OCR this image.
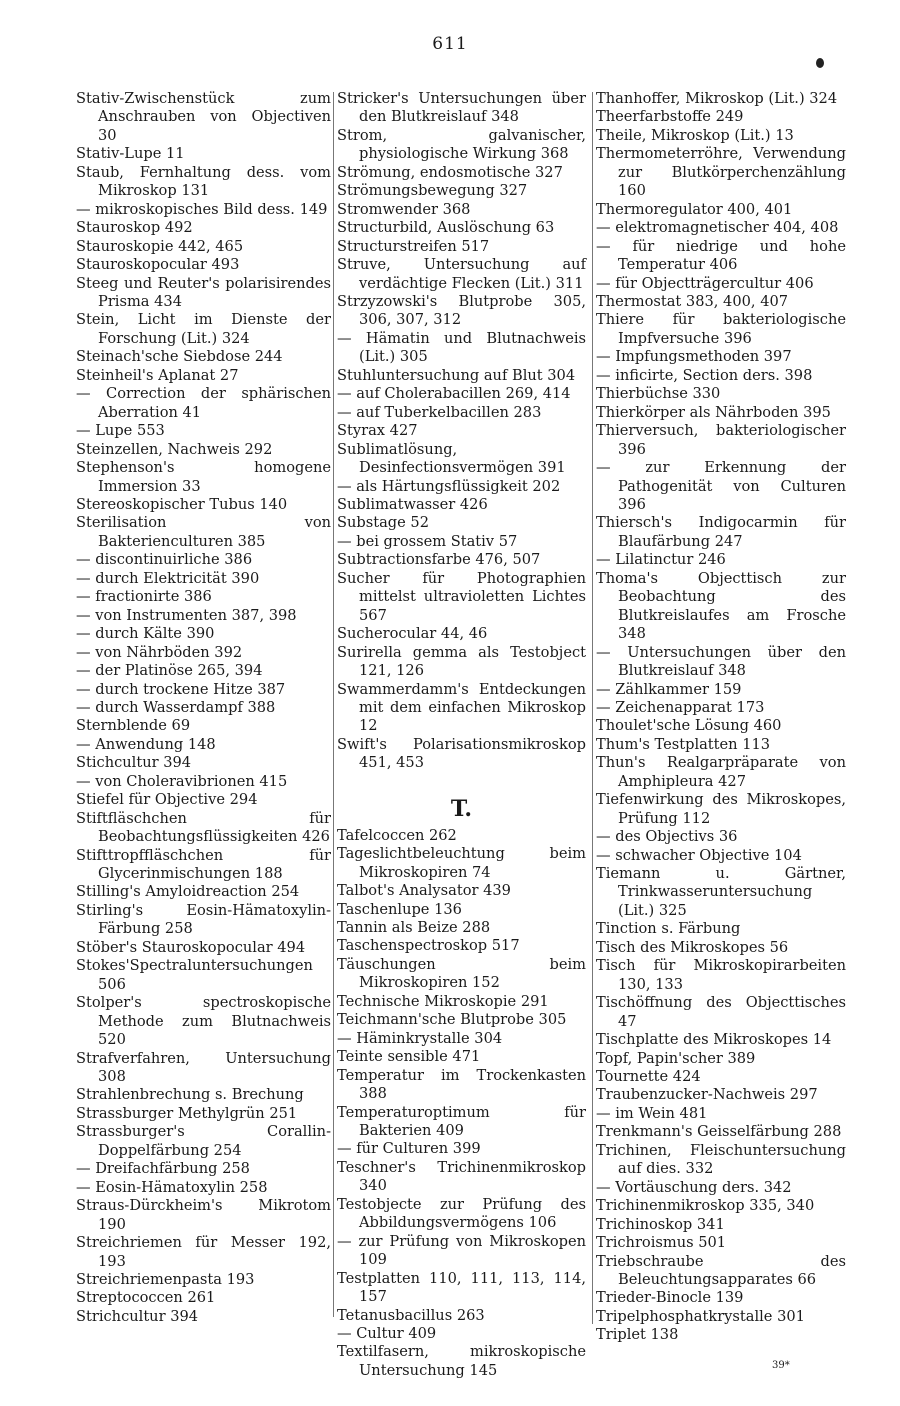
611

Stativ-Zwischenstück zum Anschrauben von Objectiven 30

Stativ-Lupe 11

Staub, Fernhaltung dess. vom Mikroskop 131

— mikroskopisches Bild dess. 149

Stauroskop 492

Stauroskopie 442, 465

Stauroskopocular 493

Steeg und Reuter's polarisirendes Prisma 434

Stein, Licht im Dienste der Forschung (Lit.) 324

Steinach'sche Siebdose 244

Steinheil's Aplanat 27

— Correction der sphärischen Aberration 41

— Lupe 553

Steinzellen, Nachweis 292

Stephenson's homogene Immersion 33

Stereoskopischer Tubus 140

Sterilisation von Bakterienculturen 385

— discontinuirliche 386

— durch Elektricität 390

— fractionirte 386

— von Instrumenten 387, 398

— durch Kälte 390

— von Nährböden 392

— der Platinöse 265, 394

— durch trockene Hitze 387

— durch Wasserdampf 388

Sternblende 69

— Anwendung 148

Stichcultur 394

— von Choleravibrionen 415

Stiefel für Objective 294

Stiftfläschchen für Beobachtungsflüssigkeiten 426

Stifttropffläschchen für Glycerinmischungen 188

Stilling's Amyloidreaction 254

Stirling's Eosin-Hämatoxylin-Färbung 258

Stöber's Stauroskopocular 494

Stokes'Spectraluntersuchungen 506

Stolper's spectroskopische Methode zum Blutnachweis 520

Strafverfahren, Untersuchung 308

Strahlenbrechung s. Brechung

Strassburger Methylgrün 251

Strassburger's Corallin-Doppelfärbung 254

— Dreifachfärbung 258

— Eosin-Hämatoxylin 258

Straus-Dürckheim's Mikrotom 190

Streichriemen für Messer 192, 193

Streichriemenpasta 193

Streptococcen 261

Strichcultur 394

Stricker's Untersuchungen über den Blutkreislauf 348

Strom, galvanischer, physiologische Wirkung 368

Strömung, endosmotische 327

Strömungsbewegung 327

Stromwender 368

Structurbild, Auslöschung 63

Structurstreifen 517

Struve, Untersuchung auf verdächtige Flecken (Lit.) 311

Strzyzowski's Blutprobe 305, 306, 307, 312

— Hämatin und Blutnachweis (Lit.) 305

Stuhluntersuchung auf Blut 304

— auf Cholerabacillen 269, 414

— auf Tuberkelbacillen 283

Styrax 427

Sublimatlösung, Desinfectionsvermögen 391

— als Härtungsflüssigkeit 202

Sublimatwasser 426

Substage 52

— bei grossem Stativ 57

Subtractionsfarbe 476, 507

Sucher für Photographien mittelst ultravioletten Lichtes 567

Sucherocular 44, 46

Surirella gemma als Testobject 121, 126

Swammerdamm's Entdeckungen mit dem einfachen Mikroskop 12

Swift's Polarisationsmikroskop 451, 453

T.

Tafelcoccen 262

Tageslichtbeleuchtung beim Mikroskopiren 74

Talbot's Analysator 439

Taschenlupe 136

Tannin als Beize 288

Taschenspectroskop 517

Täuschungen beim Mikroskopiren 152

Technische Mikroskopie 291

Teichmann'sche Blutprobe 305

— Häminkrystalle 304

Teinte sensible 471

Temperatur im Trockenkasten 388

Temperaturoptimum für Bakterien 409

— für Culturen 399

Teschner's Trichinenmikroskop 340

Testobjecte zur Prüfung des Abbildungsvermögens 106

— zur Prüfung von Mikroskopen 109

Testplatten 110, 111, 113, 114, 157

Tetanusbacillus 263

— Cultur 409

Textilfasern, mikroskopische Untersuchung 145

Thanhoffer, Mikroskop (Lit.) 324

Theerfarbstoffe 249

Theile, Mikroskop (Lit.) 13

Thermometerröhre, Verwendung zur Blutkörperchenzählung 160

Thermoregulator 400, 401

— elektromagnetischer 404, 408

— für niedrige und hohe Temperatur 406

— für Objectträgercultur 406

Thermostat 383, 400, 407

Thiere für bakteriologische Impfversuche 396

— Impfungsmethoden 397

— inficirte, Section ders. 398

Thierbüchse 330

Thierkörper als Nährboden 395

Thierversuch, bakteriologischer 396

— zur Erkennung der Pathogenität von Culturen 396

Thiersch's Indigocarmin für Blaufärbung 247

— Lilatinctur 246

Thoma's Objecttisch zur Beobachtung des Blutkreislaufes am Frosche 348

— Untersuchungen über den Blutkreislauf 348

— Zählkammer 159

— Zeichenapparat 173

Thoulet'sche Lösung 460

Thum's Testplatten 113

Thun's Realgarpräparate von Amphipleura 427

Tiefenwirkung des Mikroskopes, Prüfung 112

— des Objectivs 36

— schwacher Objective 104

Tiemann u. Gärtner, Trinkwasseruntersuchung (Lit.) 325

Tinction s. Färbung

Tisch des Mikroskopes 56

Tisch für Mikroskopirarbeiten 130, 133

Tischöffnung des Objecttisches 47

Tischplatte des Mikroskopes 14

Topf, Papin'scher 389

Tournette 424

Traubenzucker-Nachweis 297

— im Wein 481

Trenkmann's Geisselfärbung 288

Trichinen, Fleischuntersuchung auf dies. 332

— Vortäuschung ders. 342

Trichinenmikroskop 335, 340

Trichinoskop 341

Trichroismus 501

Triebschraube des Beleuchtungsapparates 66

Trieder-Binocle 139

Tripelphosphatkrystalle 301

Triplet 138

39*
